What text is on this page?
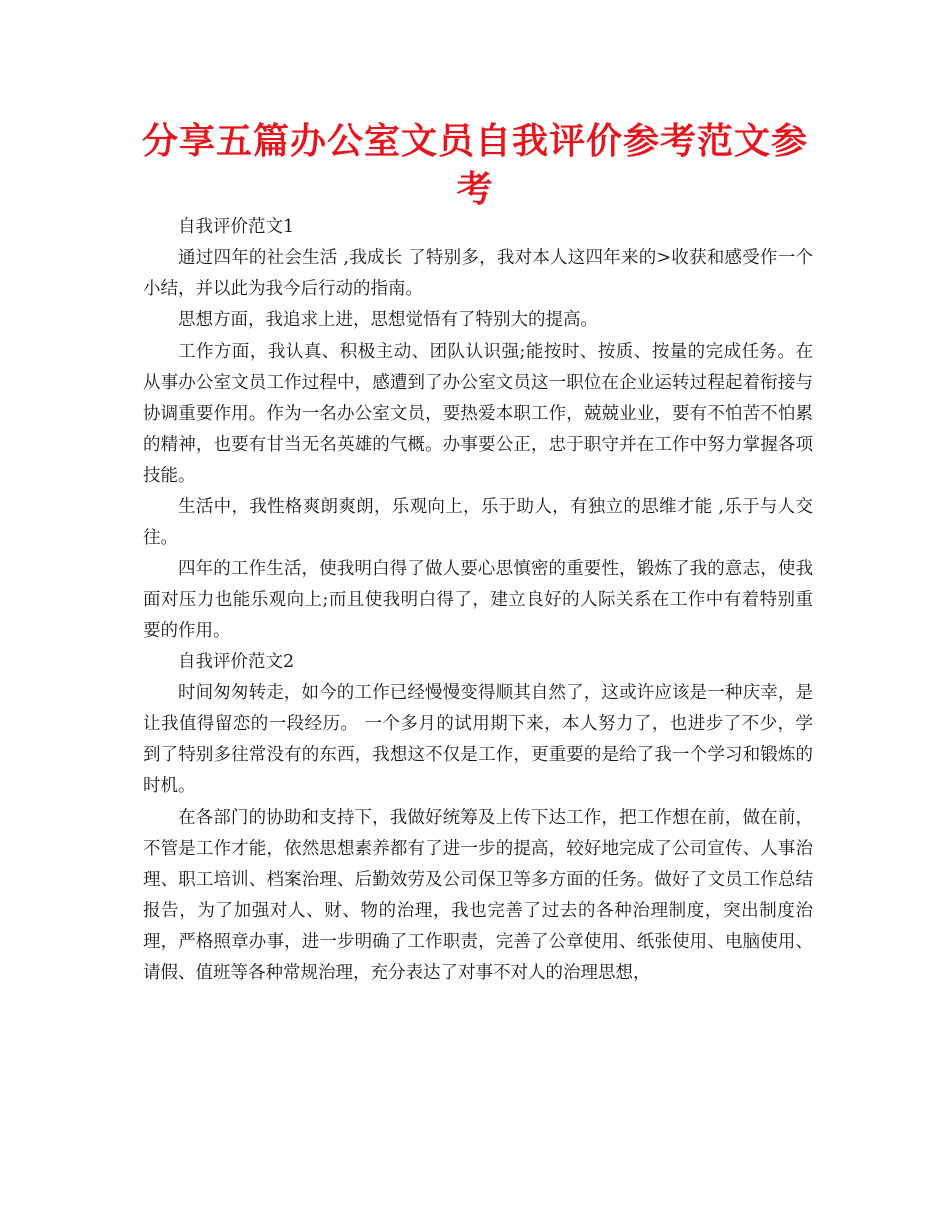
分享五篇办公室文员自我评价参考范文参考

自我评价范文1

通过四年的社会生活 ,我成长 了特别多，我对本人这四年来的>收获和感受作一个小结，并以此为我今后行动的指南。

思想方面，我追求上进，思想觉悟有了特别大的提高。

工作方面，我认真、积极主动、团队认识强;能按时、按质、按量的完成任务。在从事办公室文员工作过程中，感遭到了办公室文员这一职位在企业运转过程起着衔接与协调重要作用。作为一名办公室文员，要热爱本职工作，兢兢业业，要有不怕苦不怕累的精神，也要有甘当无名英雄的气概。办事要公正，忠于职守并在工作中努力掌握各项技能。

生活中，我性格爽朗爽朗，乐观向上，乐于助人，有独立的思维才能 ,乐于与人交往。

四年的工作生活，使我明白得了做人要心思慎密的重要性，锻炼了我的意志，使我面对压力也能乐观向上;而且使我明白得了，建立良好的人际关系在工作中有着特别重要的作用。

自我评价范文2

时间匆匆转走，如今的工作已经慢慢变得顺其自然了，这或许应该是一种庆幸，是让我值得留恋的一段经历。 一个多月的试用期下来，本人努力了，也进步了不少，学到了特别多往常没有的东西，我想这不仅是工作，更重要的是给了我一个学习和锻炼的时机。

在各部门的协助和支持下，我做好统筹及上传下达工作，把工作想在前，做在前，不管是工作才能，依然思想素养都有了进一步的提高，较好地完成了公司宣传、人事治理、职工培训、档案治理、后勤效劳及公司保卫等多方面的任务。做好了文员工作总结报告，为了加强对人、财、物的治理，我也完善了过去的各种治理制度，突出制度治理，严格照章办事，进一步明确了工作职责，完善了公章使用、纸张使用、电脑使用、请假、值班等各种常规治理，充分表达了对事不对人的治理思想，
